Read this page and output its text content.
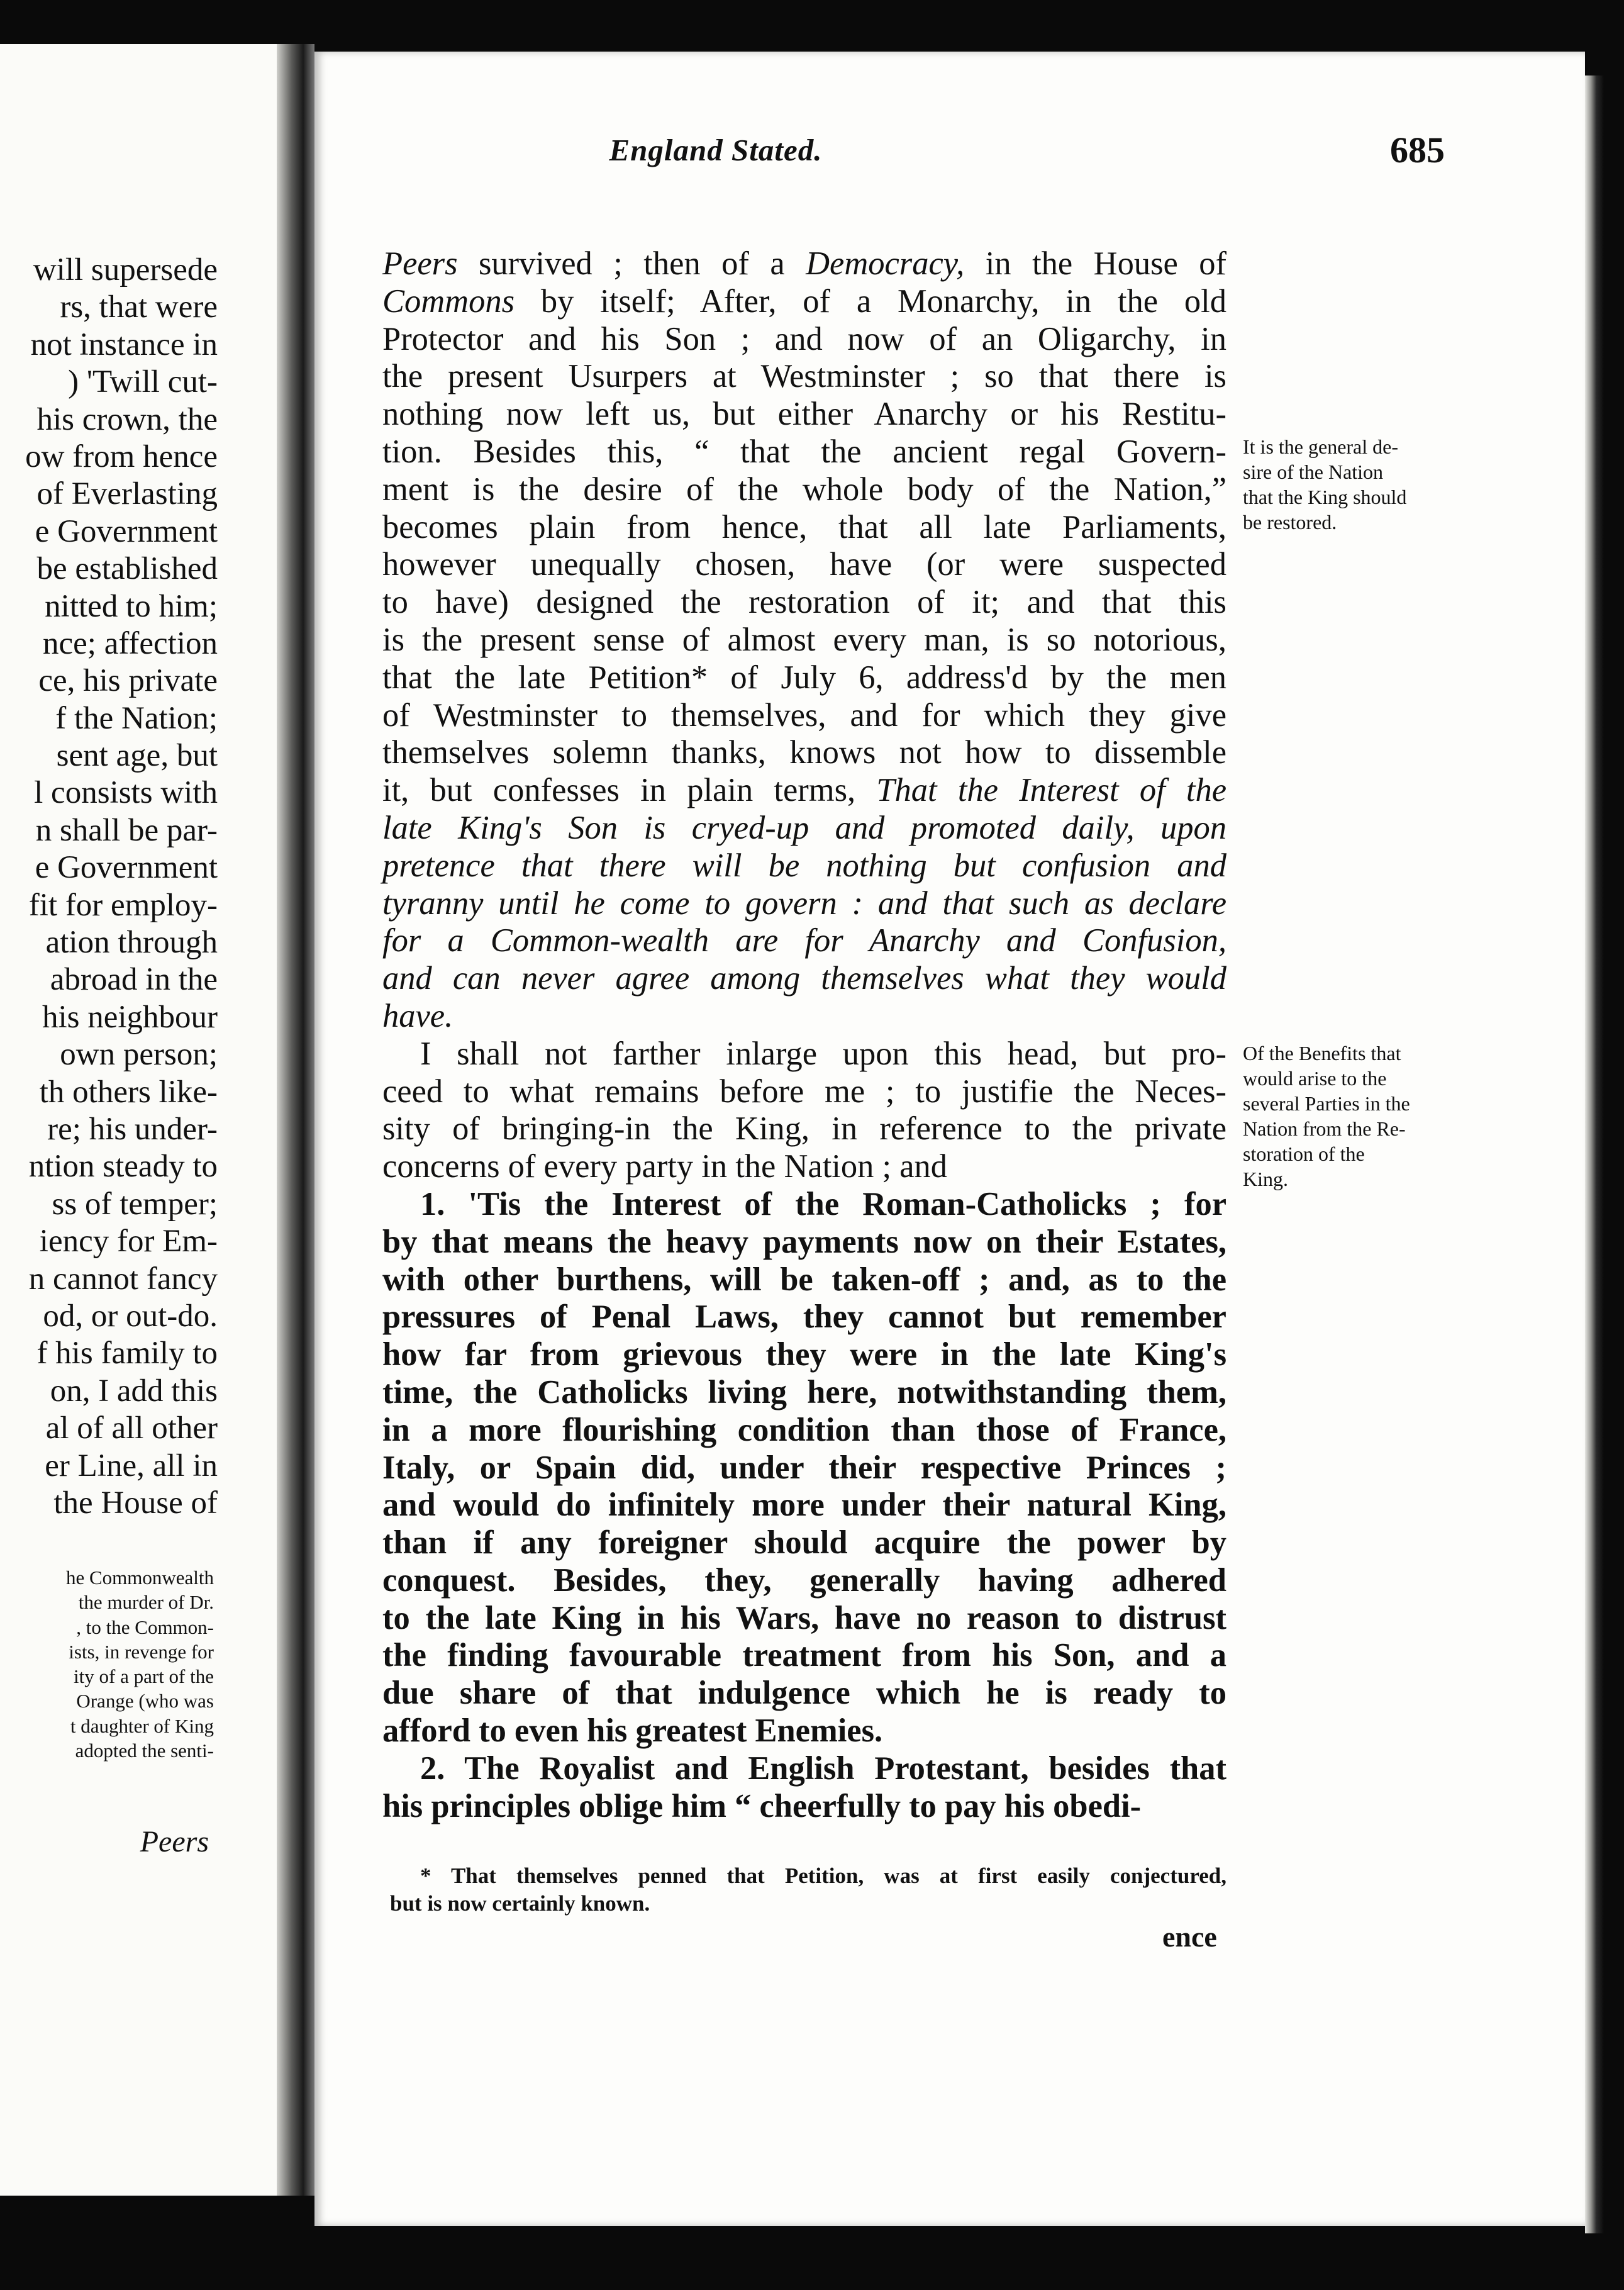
will supersede
rs, that were
not instance in
) 'Twill cut-
his crown, the
ow from hence
of Everlasting
e Government
be established
nitted to him;
nce; affection
ce, his private
f the Nation;
sent age, but
l consists with
n shall be par-
e Government
fit for employ-
ation through
abroad in the
his neighbour
own person;
th others like-
re; his under-
ntion steady to
ss of temper;
iency for Em-
n cannot fancy
od, or out-do.
f his family to
on, I add this
al of all other
er Line, all in
the House of
he Commonwealth
the murder of Dr.
, to the Common-
ists, in revenge for
ity of a part of the
Orange (who was
t daughter of King
adopted the senti-
Peers
England Stated.	685
Peers survived ; then of a Democracy, in the House of
Commons by itself; After, of a Monarchy, in the old
Protector and his Son ; and now of an Oligarchy, in
the present Usurpers at Westminster ; so that there is
nothing now left us, but either Anarchy or his Restitu-
tion. Besides this, “ that the ancient regal Govern-
ment is the desire of the whole body of the Nation,”
becomes plain from hence, that all late Parliaments,
however unequally chosen, have (or were suspected
to have) designed the restoration of it; and that this
is the present sense of almost every man, is so notorious,
that the late Petition* of July 6, address'd by the men
of Westminster to themselves, and for which they give
themselves solemn thanks, knows not how to dissemble
it, but confesses in plain terms, That the Interest of the
late King's Son is cryed-up and promoted daily, upon
pretence that there will be nothing but confusion and
tyranny until he come to govern : and that such as declare
for a Common-wealth are for Anarchy and Confusion,
and can never agree among themselves what they would
have.
I shall not farther inlarge upon this head, but pro-
ceed to what remains before me ; to justifie the Neces-
sity of bringing-in the King, in reference to the private
concerns of every party in the Nation ; and
1. 'Tis the Interest of the Roman-Catholicks ; for
by that means the heavy payments now on their Estates,
with other burthens, will be taken-off ; and, as to the
pressures of Penal Laws, they cannot but remember
how far from grievous they were in the late King's
time, the Catholicks living here, notwithstanding them,
in a more flourishing condition than those of France,
Italy, or Spain did, under their respective Princes ;
and would do infinitely more under their natural King,
than if any foreigner should acquire the power by
conquest. Besides, they, generally having adhered
to the late King in his Wars, have no reason to distrust
the finding favourable treatment from his Son, and a
due share of that indulgence which he is ready to
afford to even his greatest Enemies.
2. The Royalist and English Protestant, besides that
his principles oblige him “ cheerfully to pay his obedi-
It is the general de-
sire of the Nation
that the King should
be restored.
Of the Benefits that
would arise to the
several Parties in the
Nation from the Re-
storation of the
King.
* That themselves penned that Petition, was at first easily conjectured,
but is now certainly known.
ence
